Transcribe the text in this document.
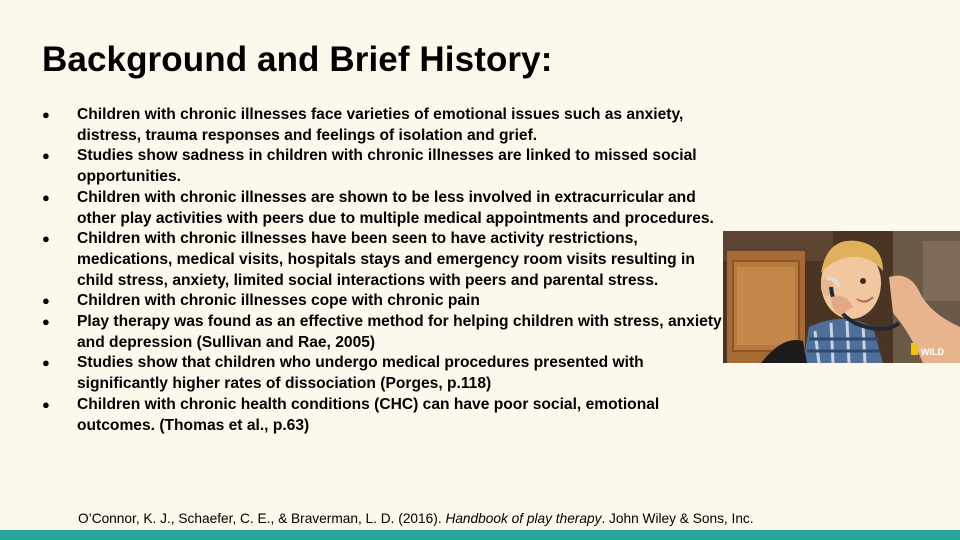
Background and Brief History:
● Children with chronic illnesses face varieties of emotional issues such as anxiety, distress, trauma responses and feelings of isolation and grief.
● Studies show sadness in children with chronic illnesses are linked to missed social opportunities.
● Children with chronic illnesses are shown to be less involved in extracurricular and other play activities with peers due to multiple medical appointments and procedures.
● Children with chronic illnesses have been seen to have activity restrictions, medications, medical visits, hospitals stays and emergency room visits resulting in child stress, anxiety, limited social interactions with peers and parental stress.
● Children with chronic illnesses cope with chronic pain
● Play therapy was found as an effective method for helping children with stress, anxiety and depression (Sullivan and Rae, 2005)
● Studies show that children who undergo medical procedures presented with significantly higher rates of dissociation (Porges, p.118)
● Children with chronic health conditions (CHC) can have poor social, emotional outcomes. (Thomas et al., p.63)
WILD
O’Connor, K. J., Schaefer, C. E., & Braverman, L. D. (2016). Handbook of play therapy. John Wiley & Sons, Inc.
